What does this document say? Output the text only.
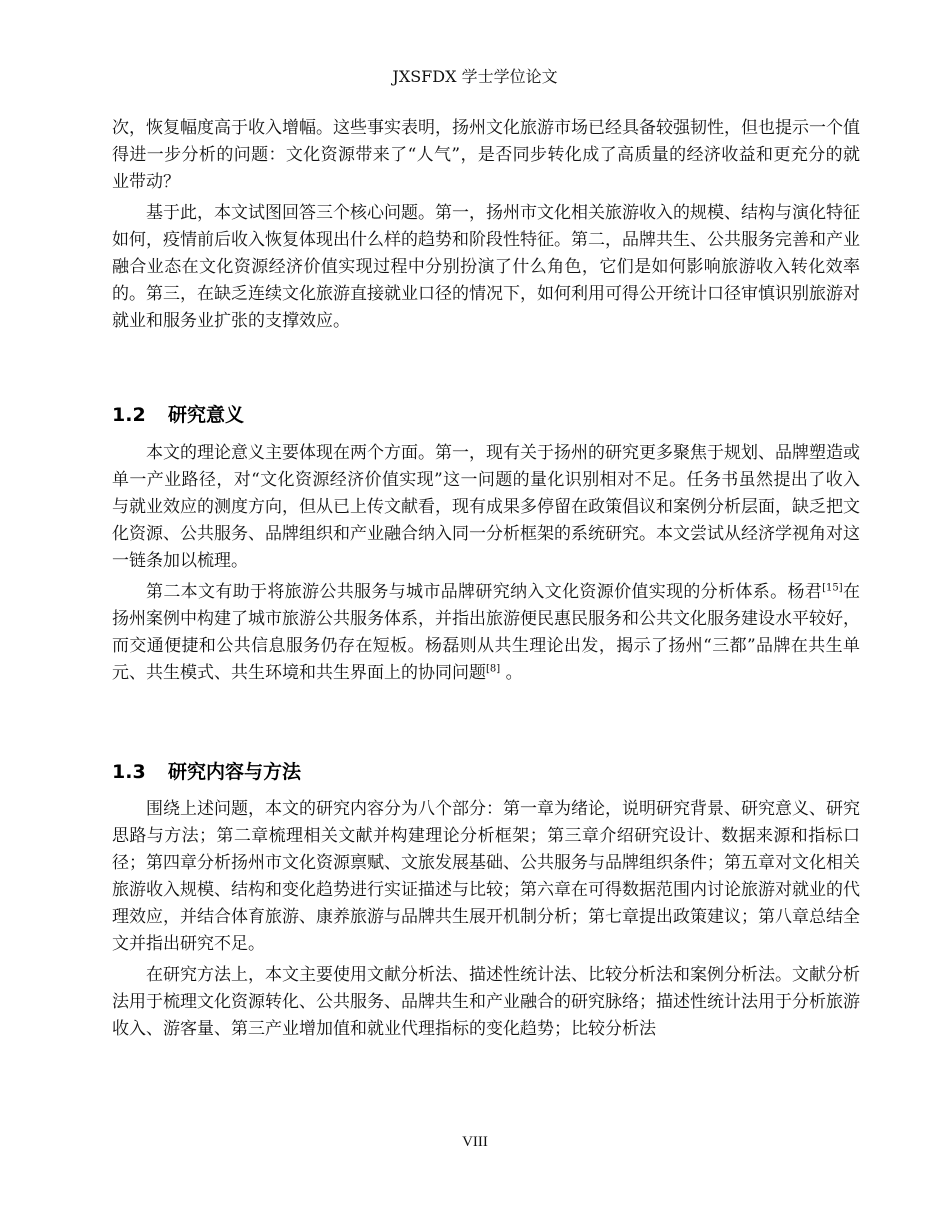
JXSFDX 学士学位论文

次，恢复幅度高于收入增幅。这些事实表明，扬州文化旅游市场已经具备较强韧性，但也提示一个值得进一步分析的问题：文化资源带来了“人气”，是否同步转化成了高质量的经济收益和更充分的就业带动？

基于此，本文试图回答三个核心问题。第一，扬州市文化相关旅游收入的规模、结构与演化特征如何，疫情前后收入恢复体现出什么样的趋势和阶段性特征。第二，品牌共生、公共服务完善和产业融合业态在文化资源经济价值实现过程中分别扮演了什么角色，它们是如何影响旅游收入转化效率的。第三，在缺乏连续文化旅游直接就业口径的情况下，如何利用可得公开统计口径审慎识别旅游对就业和服务业扩张的支撑效应。

1.2 研究意义

本文的理论意义主要体现在两个方面。第一，现有关于扬州的研究更多聚焦于规划、品牌塑造或单一产业路径，对“文化资源经济价值实现”这一问题的量化识别相对不足。任务书虽然提出了收入与就业效应的测度方向，但从已上传文献看，现有成果多停留在政策倡议和案例分析层面，缺乏把文化资源、公共服务、品牌组织和产业融合纳入同一分析框架的系统研究。本文尝试从经济学视角对这一链条加以梳理。

第二本文有助于将旅游公共服务与城市品牌研究纳入文化资源价值实现的分析体系。杨君[15]在扬州案例中构建了城市旅游公共服务体系，并指出旅游便民惠民服务和公共文化服务建设水平较好，而交通便捷和公共信息服务仍存在短板。杨磊则从共生理论出发，揭示了扬州“三都”品牌在共生单元、共生模式、共生环境和共生界面上的协同问题[8] 。

1.3 研究内容与方法

围绕上述问题，本文的研究内容分为八个部分：第一章为绪论，说明研究背景、研究意义、研究思路与方法；第二章梳理相关文献并构建理论分析框架；第三章介绍研究设计、数据来源和指标口径；第四章分析扬州市文化资源禀赋、文旅发展基础、公共服务与品牌组织条件；第五章对文化相关旅游收入规模、结构和变化趋势进行实证描述与比较；第六章在可得数据范围内讨论旅游对就业的代理效应，并结合体育旅游、康养旅游与品牌共生展开机制分析；第七章提出政策建议；第八章总结全文并指出研究不足。

在研究方法上，本文主要使用文献分析法、描述性统计法、比较分析法和案例分析法。文献分析法用于梳理文化资源转化、公共服务、品牌共生和产业融合的研究脉络；描述性统计法用于分析旅游收入、游客量、第三产业增加值和就业代理指标的变化趋势；比较分析法

VIII
